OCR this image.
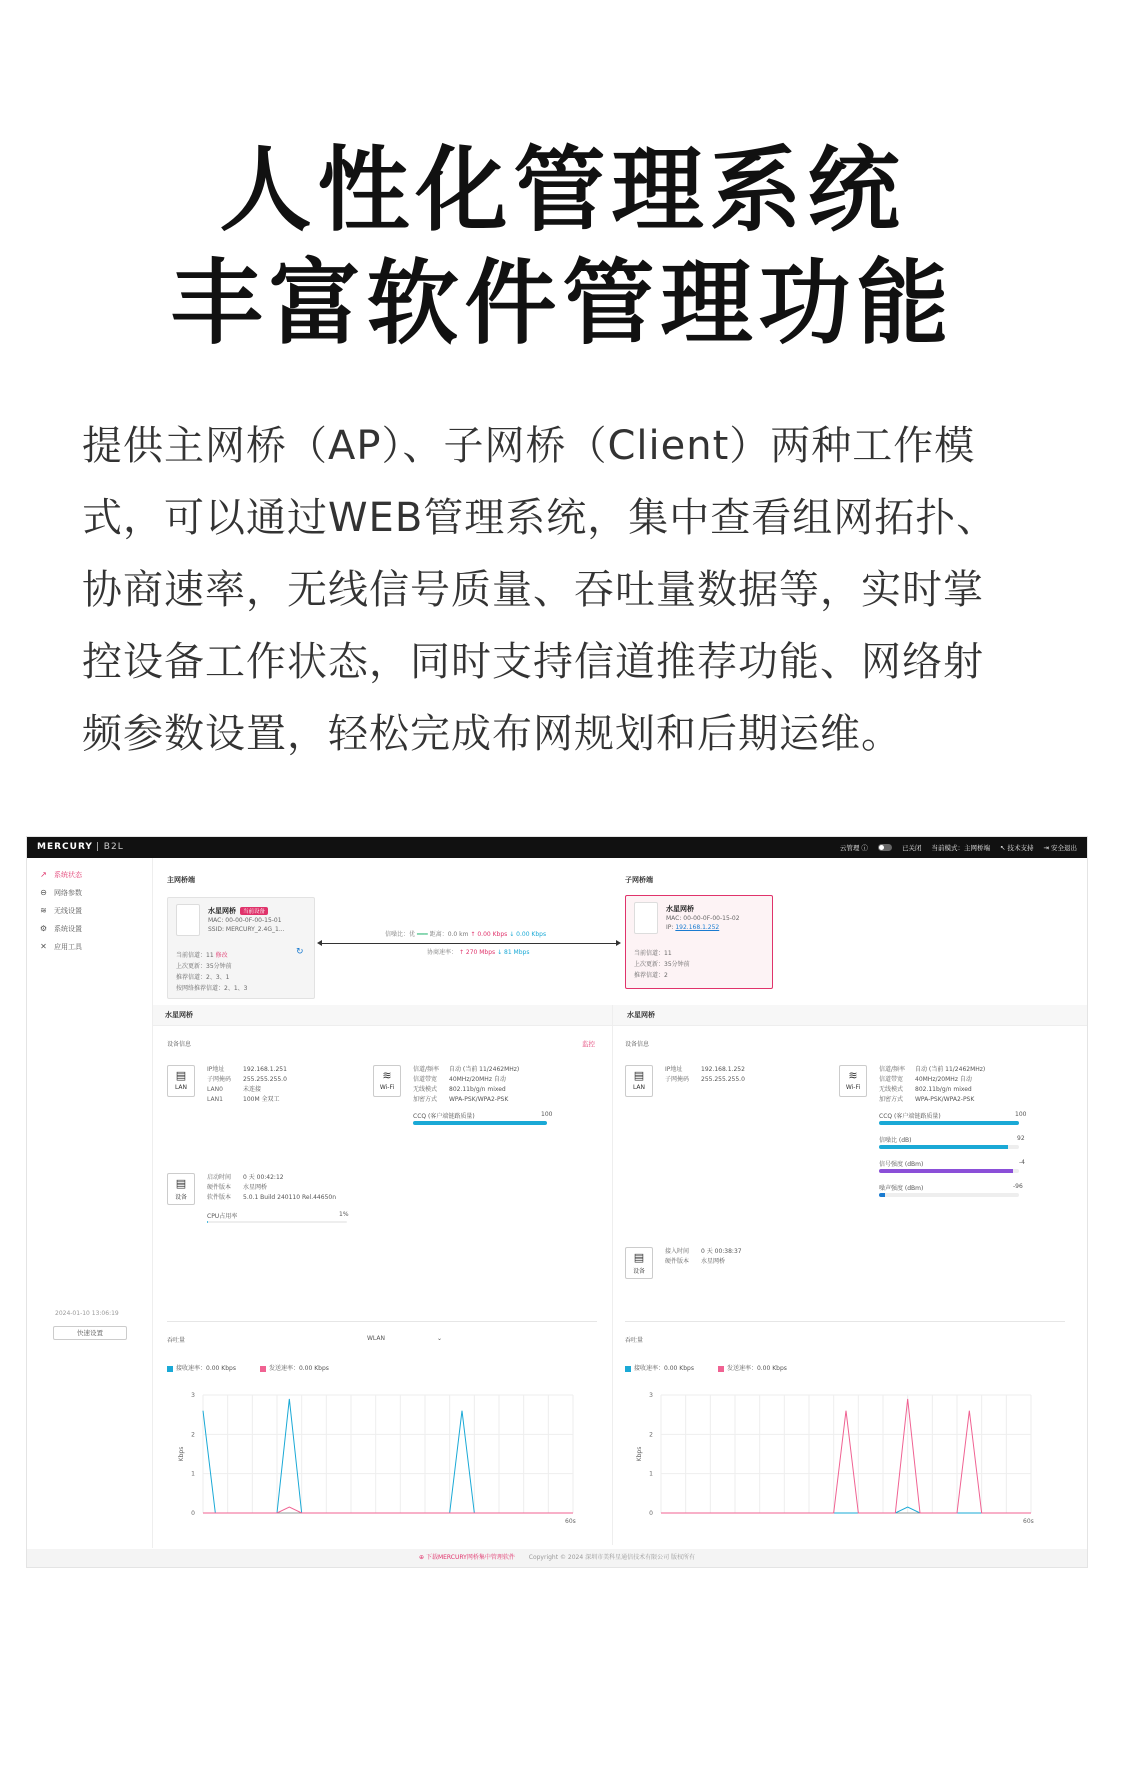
人性化管理系统
丰富软件管理功能

提供主网桥（AP）、子网桥（Client）两种工作模

式，可以通过WEB管理系统，集中查看组网拓扑、

协商速率，无线信号质量、吞吐量数据等，实时掌

控设备工作状态，同时支持信道推荐功能、网络射

频参数设置，轻松完成布网规划和后期运维。

MERCURY | B2L	云管理 ⓘ	已关闭 当前模式：主网桥端 ↖ 技术支持 ⇥ 安全退出
↗ 系统状态
⊖ 网络参数
≋ 无线设置
⚙ 系统设置
✕ 应用工具
2024-01-10 13:06:19
快速设置
主网桥端	子网桥端
水星网桥 当前设备
MAC: 00-00-0F-00-15-01
SSID: MERCURY_2.4G_1...
当前信道：11 修改	↻
上次更新：35分钟前
推荐信道：2、3、1
按网络推荐信道：2、1、3
信噪比：优 ━━━ 距离：0.0 km ↑ 0.00 Kbps ↓ 0.00 Kbps
协商速率： ↑ 270 Mbps ↓ 81 Mbps
水星网桥
MAC: 00-00-0F-00-15-02
IP: 192.168.1.252
当前信道：11
上次更新：35分钟前
推荐信道：2
水星网桥	水星网桥
设备信息	监控
▤
LAN
IP地址	192.168.1.251
子网掩码 255.255.255.0
LAN0	未连接
LAN1	100M 全双工
≋
Wi-Fi
信道/频率 自动 (当前 11/2462MHz)
信道带宽 40MHz/20MHz 自动
无线模式 802.11b/g/n mixed
加密方式 WPA-PSK/WPA2-PSK
CCQ (客户端链路质量)	100
▤
设备
启动时间 0 天 00:42:12
硬件版本 水星网桥
软件版本 5.0.1 Build 240110 Rel.44650n
CPU占用率	1%
吞吐量	WLAN	⌄
接收速率：0.00 Kbps	发送速率：0.00 Kbps
0
1
2
3
Kbps
60s
设备信息
▤
LAN
IP地址	192.168.1.252
子网掩码 255.255.255.0	≋
Wi-Fi
信道/频率 自动 (当前 11/2462MHz)
信道带宽 40MHz/20MHz 自动
无线模式 802.11b/g/n mixed
加密方式 WPA-PSK/WPA2-PSK
CCQ (客户端链路质量)	100
信噪比 (dB)	92
信号强度 (dBm)	-4
噪声强度 (dBm)	-96
▤
设备
接入时间 0 天 00:38:37
硬件版本 水星网桥
吞吐量
接收速率：0.00 Kbps	发送速率：0.00 Kbps
0
1
2
3
Kbps
60s
⊕ 下载MERCURY网桥集中管理软件 Copyright © 2024 深圳市美科星通信技术有限公司 版权所有
